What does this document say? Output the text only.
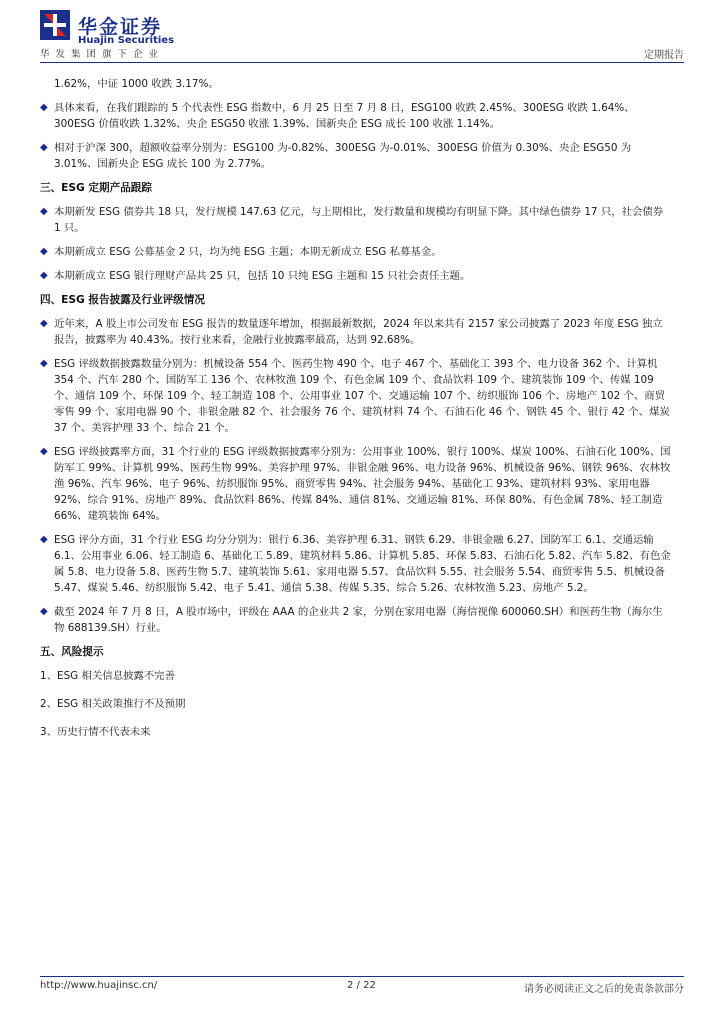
华金证券
Huajin Securities
华发集团旗下企业	定期报告

1.62%，中证 1000 收跌 3.17%。

◆ 具体来看，在我们跟踪的 5 个代表性 ESG 指数中，6 月 25 日至 7 月 8 日，ESG100 收跌 2.45%、300ESG 收跌 1.64%、300ESG 价值收跌 1.32%、央企 ESG50 收涨 1.39%、国新央企 ESG 成长 100 收涨 1.14%。
◆ 相对于沪深 300，超额收益率分别为：ESG100 为-0.82%、300ESG 为-0.01%、300ESG 价值为 0.30%、央企 ESG50 为 3.01%、国新央企 ESG 成长 100 为 2.77%。
三、ESG 定期产品跟踪
◆ 本期新发 ESG 债券共 18 只，发行规模 147.63 亿元，与上期相比，发行数量和规模均有明显下降。其中绿色债券 17 只，社会债券 1 只。
◆ 本期新成立 ESG 公募基金 2 只，均为纯 ESG 主题；本期无新成立 ESG 私募基金。
◆ 本期新成立 ESG 银行理财产品共 25 只，包括 10 只纯 ESG 主题和 15 只社会责任主题。
四、ESG 报告披露及行业评级情况
◆ 近年来，A 股上市公司发布 ESG 报告的数量逐年增加，根据最新数据，2024 年以来共有 2157 家公司披露了 2023 年度 ESG 独立报告，披露率为 40.43%。按行业来看，金融行业披露率最高，达到 92.68%。
◆ ESG 评级数据披露数量分别为：机械设备 554 个、医药生物 490 个、电子 467 个、基础化工 393 个、电力设备 362 个、计算机 354 个、汽车 280 个、国防军工 136 个、农林牧渔 109 个、有色金属 109 个、食品饮料 109 个、建筑装饰 109 个、传媒 109 个、通信 109 个、环保 109 个、轻工制造 108 个、公用事业 107 个、交通运输 107 个、纺织服饰 106 个、房地产 102 个、商贸零售 99 个、家用电器 90 个、非银金融 82 个、社会服务 76 个、建筑材料 74 个、石油石化 46 个、钢铁 45 个、银行 42 个、煤炭 37 个、美容护理 33 个、综合 21 个。
◆ ESG 评级披露率方面，31 个行业的 ESG 评级数据披露率分别为：公用事业 100%、银行 100%、煤炭 100%、石油石化 100%、国防军工 99%、计算机 99%、医药生物 99%、美容护理 97%、非银金融 96%、电力设备 96%、机械设备 96%、钢铁 96%、农林牧渔 96%、汽车 96%、电子 96%、纺织服饰 95%、商贸零售 94%、社会服务 94%、基础化工 93%、建筑材料 93%、家用电器 92%、综合 91%、房地产 89%、食品饮料 86%、传媒 84%、通信 81%、交通运输 81%、环保 80%、有色金属 78%、轻工制造 66%、建筑装饰 64%。
◆ ESG 评分方面，31 个行业 ESG 均分分别为：银行 6.36、美容护理 6.31、钢铁 6.29、非银金融 6.27、国防军工 6.1、交通运输 6.1、公用事业 6.06、轻工制造 6、基础化工 5.89、建筑材料 5.86、计算机 5.85、环保 5.83、石油石化 5.82、汽车 5.82、有色金属 5.8、电力设备 5.8、医药生物 5.7、建筑装饰 5.61、家用电器 5.57、食品饮料 5.55、社会服务 5.54、商贸零售 5.5、机械设备 5.47、煤炭 5.46、纺织服饰 5.42、电子 5.41、通信 5.38、传媒 5.35、综合 5.26、农林牧渔 5.23、房地产 5.2。
◆ 截至 2024 年 7 月 8 日，A 股市场中，评级在 AAA 的企业共 2 家，分别在家用电器（海信视像 600060.SH）和医药生物（海尔生物 688139.SH）行业。
五、风险提示
1、ESG 相关信息披露不完善
2、ESG 相关政策推行不及预期
3、历史行情不代表未来
http://www.huajinsc.cn/	2 / 22	请务必阅读正文之后的免责条款部分
